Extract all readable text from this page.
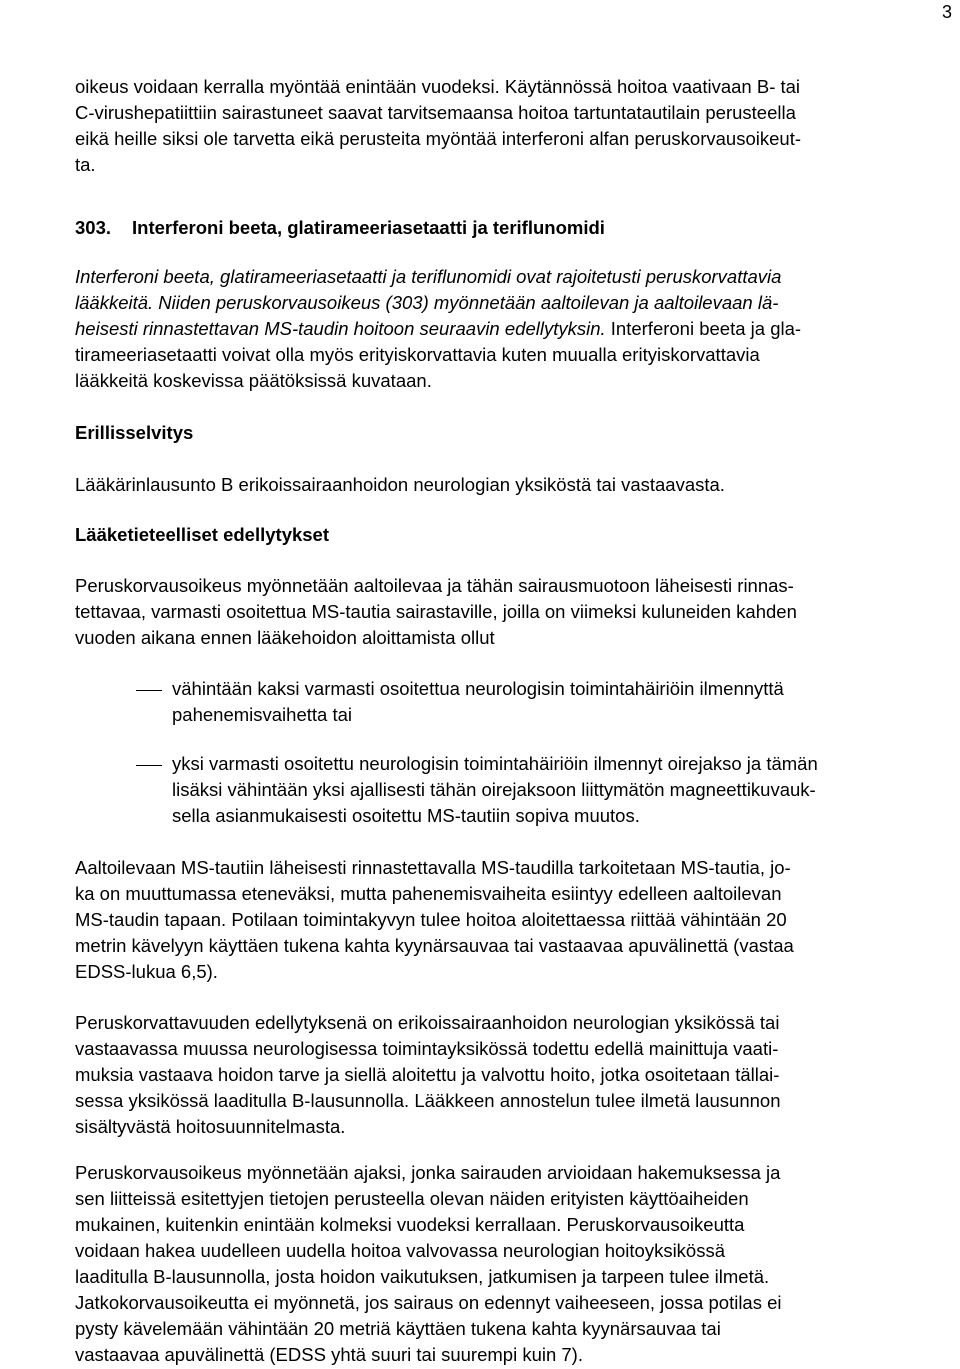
3
oikeus voidaan kerralla myöntää enintään vuodeksi. Käytännössä hoitoa vaativaan B- tai
C-virushepatiittiin sairastuneet saavat tarvitsemaansa hoitoa tartuntatautilain perusteella
eikä heille siksi ole tarvetta eikä perusteita myöntää interferoni alfan peruskorvausoikeut-
ta.
303. Interferoni beeta, glatirameeriasetaatti ja teriflunomidi
Interferoni beeta, glatirameeriasetaatti ja teriflunomidi ovat rajoitetusti peruskorvattavia
lääkkeitä. Niiden peruskorvausoikeus (303) myönnetään aaltoilevan ja aaltoilevaan lä-
heisesti rinnastettavan MS-taudin hoitoon seuraavin edellytyksin. Interferoni beeta ja gla-
tirameeriasetaatti voivat olla myös erityiskorvattavia kuten muualla erityiskorvattavia
lääkkeitä koskevissa päätöksissä kuvataan.
Erillisselvitys
Lääkärinlausunto B erikoissairaanhoidon neurologian yksiköstä tai vastaavasta.
Lääketieteelliset edellytykset
Peruskorvausoikeus myönnetään aaltoilevaa ja tähän sairausmuotoon läheisesti rinnas-
tettavaa, varmasti osoitettua MS-tautia sairastaville, joilla on viimeksi kuluneiden kahden
vuoden aikana ennen lääkehoidon aloittamista ollut
vähintään kaksi varmasti osoitettua neurologisin toimintahäiriöin ilmennyttä
pahenemisvaihetta tai
yksi varmasti osoitettu neurologisin toimintahäiriöin ilmennyt oirejakso ja tämän
lisäksi vähintään yksi ajallisesti tähän oirejaksoon liittymätön magneettikuvauk-
sella asianmukaisesti osoitettu MS-tautiin sopiva muutos.
Aaltoilevaan MS-tautiin läheisesti rinnastettavalla MS-taudilla tarkoitetaan MS-tautia, jo-
ka on muuttumassa eteneväksi, mutta pahenemisvaiheita esiintyy edelleen aaltoilevan
MS-taudin tapaan. Potilaan toimintakyvyn tulee hoitoa aloitettaessa riittää vähintään 20
metrin kävelyyn käyttäen tukena kahta kyynärsauvaa tai vastaavaa apuvälinettä (vastaa
EDSS-lukua 6,5).
Peruskorvattavuuden edellytyksenä on erikoissairaanhoidon neurologian yksikössä tai
vastaavassa muussa neurologisessa toimintayksikössä todettu edellä mainittuja vaati-
muksia vastaava hoidon tarve ja siellä aloitettu ja valvottu hoito, jotka osoitetaan tällai-
sessa yksikössä laaditulla B-lausunnolla. Lääkkeen annostelun tulee ilmetä lausunnon
sisältyvästä hoitosuunnitelmasta.
Peruskorvausoikeus myönnetään ajaksi, jonka sairauden arvioidaan hakemuksessa ja
sen liitteissä esitettyjen tietojen perusteella olevan näiden erityisten käyttöaiheiden
mukainen, kuitenkin enintään kolmeksi vuodeksi kerrallaan. Peruskorvausoikeutta
voidaan hakea uudelleen uudella hoitoa valvovassa neurologian hoitoyksikössä
laaditulla B-lausunnolla, josta hoidon vaikutuksen, jatkumisen ja tarpeen tulee ilmetä.
Jatkokorvausoikeutta ei myönnetä, jos sairaus on edennyt vaiheeseen, jossa potilas ei
pysty kävelemään vähintään 20 metriä käyttäen tukena kahta kyynärsauvaa tai
vastaavaa apuvälinettä (EDSS yhtä suuri tai suurempi kuin 7).
